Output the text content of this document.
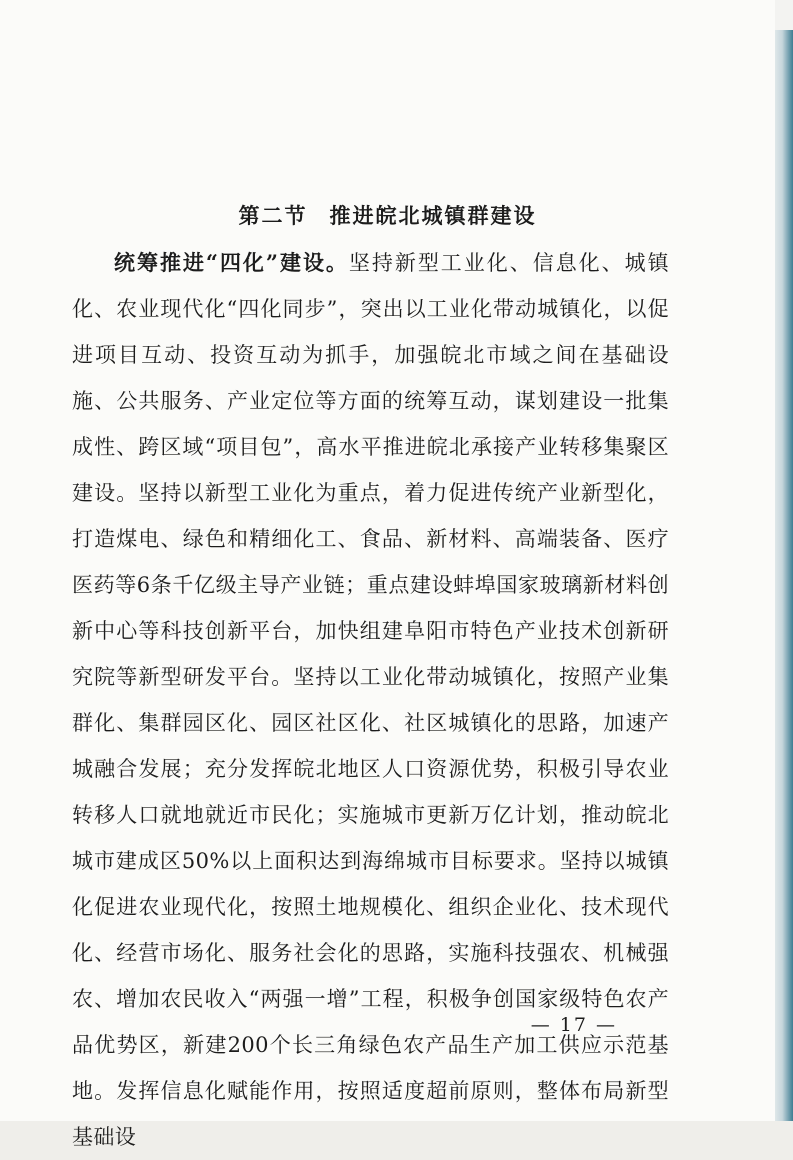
第二节 推进皖北城镇群建设

统筹推进“四化”建设。坚持新型工业化、信息化、城镇化、农业现代化“四化同步”，突出以工业化带动城镇化，以促进项目互动、投资互动为抓手，加强皖北市域之间在基础设施、公共服务、产业定位等方面的统筹互动，谋划建设一批集成性、跨区域“项目包”，高水平推进皖北承接产业转移集聚区建设。坚持以新型工业化为重点，着力促进传统产业新型化，打造煤电、绿色和精细化工、食品、新材料、高端装备、医疗医药等6条千亿级主导产业链；重点建设蚌埠国家玻璃新材料创新中心等科技创新平台，加快组建阜阳市特色产业技术创新研究院等新型研发平台。坚持以工业化带动城镇化，按照产业集群化、集群园区化、园区社区化、社区城镇化的思路，加速产城融合发展；充分发挥皖北地区人口资源优势，积极引导农业转移人口就地就近市民化；实施城市更新万亿计划，推动皖北城市建成区50%以上面积达到海绵城市目标要求。坚持以城镇化促进农业现代化，按照土地规模化、组织企业化、技术现代化、经营市场化、服务社会化的思路，实施科技强农、机械强农、增加农民收入“两强一增”工程，积极争创国家级特色农产品优势区，新建200个长三角绿色农产品生产加工供应示范基地。发挥信息化赋能作用，按照适度超前原则，整体布局新型基础设

— 17 —
